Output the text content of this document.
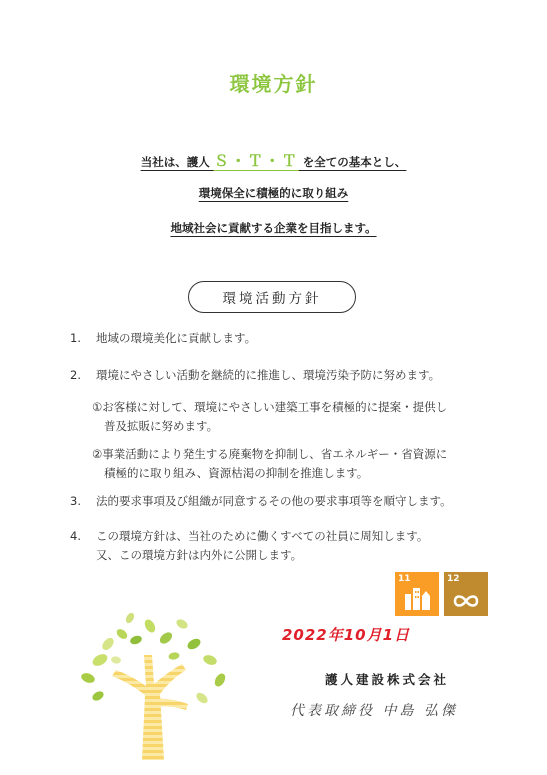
環境方針
当社は、護人 Ｓ・Ｔ・Ｔ を全ての基本とし、
環境保全に積極的に取り組み
地域社会に貢献する企業を目指します。
環境活動方針
1. 地域の環境美化に貢献します。
2. 環境にやさしい活動を継続的に推進し、環境汚染予防に努めます。
①お客様に対して、環境にやさしい建築工事を積極的に提案・提供し
普及拡販に努めます。
②事業活動により発生する廃棄物を抑制し、省エネルギー・省資源に
積極的に取り組み、資源枯渇の抑制を推進します。
3. 法的要求事項及び組織が同意するその他の要求事項等を順守します。
4. この環境方針は、当社のために働くすべての社員に周知します。
又、この環境方針は内外に公開します。
11	12
2022年10月1日
護人建設株式会社
代表取締役 中島 弘傑
